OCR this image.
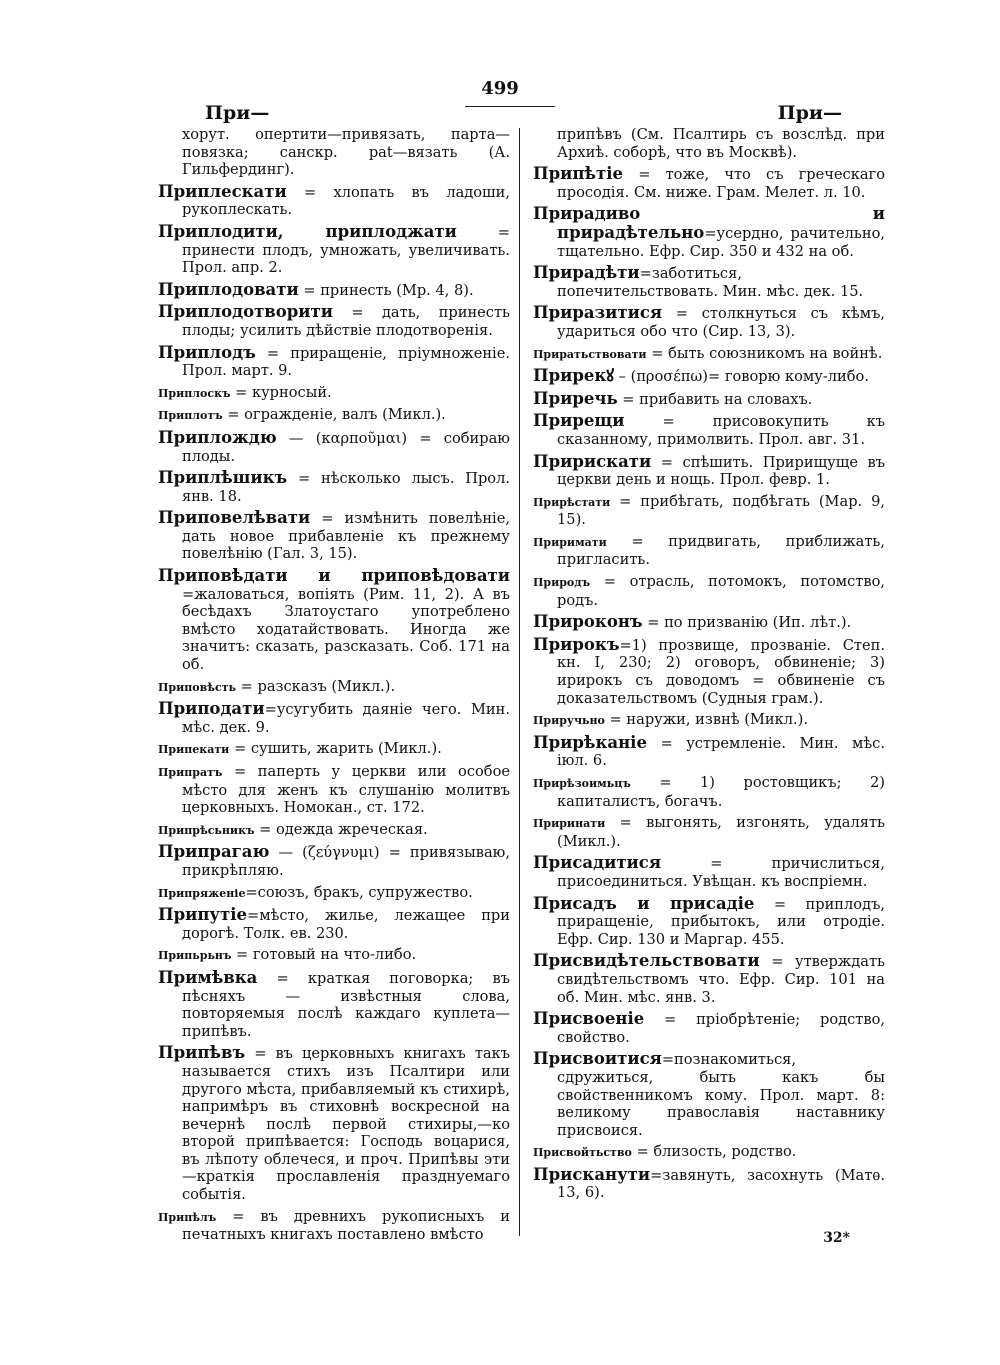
499
При—	При—
хорут. опертити—привязать, парта— повязка; санскр. pat—вязать (А. Гильфердинг).
Приплескати = хлопать въ ладоши, рукоплескать.
Приплодити, приплоджати = принести плодъ, умножать, увеличивать. Прол. апр. 2.
Приплодовати = принесть (Мр. 4, 8).
Приплодотворити = дать, принесть плоды; усилить дѣйствіе плодотворенія.
Приплодъ = приращеніе, пріумноженіе. Прол. март. 9.
Приплоскъ = курносый.
Приплотъ = огражденіе, валъ (Микл.).
Приплождю — (καρποῦμαι) = собираю плоды.
Приплѣшикъ = нѣсколько лысъ. Прол. янв. 18.
Приповелѣвати = измѣнить повелѣніе, дать новое прибавленіе къ прежнему повелѣнію (Гал. 3, 15).
Приповѣдати и приповѣдовати =жаловаться, вопіять (Рим. 11, 2). А въ бесѣдахъ Златоустаго употреблено вмѣсто ходатайствовать. Иногда же значитъ: сказать, разсказать. Соб. 171 на об.
Приповѣсть = разсказъ (Микл.).
Приподати=усугубить даяніе чего. Мин. мѣс. дек. 9.
Припекати = сушить, жарить (Микл.).
Припратъ = паперть у церкви или особое мѣсто для женъ къ слушанію молитвъ церковныхъ. Номокан., ст. 172.
Припрѣсьникъ = одежда жреческая.
Припрагаю — (ζεύγνυμι) = привязываю, прикрѣпляю.
Припряженіе=союзъ, бракъ, супружество.
Припутіе=мѣсто, жилье, лежащее при дорогѣ. Толк. ев. 230.
Припьрьнъ = готовый на что-либо.
Примѣвка = краткая поговорка; въ пѣсняхъ — извѣстныя слова, повторяемыя послѣ каждаго куплета—припѣвъ.
Припѣвъ = въ церковныхъ книгахъ такъ называется стихъ изъ Псалтири или другого мѣста, прибавляемый къ стихирѣ, напримѣръ въ стиховнѣ воскресной на вечернѣ послѣ первой стихиры,—ко второй припѣвается: Господь воцарися, въ лѣпоту облечеся, и проч. Припѣвы эти—краткія прославленія празднуемаго событія.
Припѣлъ = въ древнихъ рукописныхъ и печатныхъ книгахъ поставлено вмѣсто
припѣвъ (См. Псалтирь съ возслѣд. при Архиѣ. соборѣ, что въ Москвѣ).
Припѣтіе = тоже, что съ греческаго просодія. См. ниже. Грам. Мелет. л. 10.
Прирадиво и прирадѣтельно=усердно, рачительно, тщательно. Ефр. Сир. 350 и 432 на об.
Прирадѣти=заботиться, попечительствовать. Мин. мѣс. дек. 15.
Приразитися = столкнуться съ кѣмъ, удариться обо что (Сир. 13, 3).
Приратьствовати = быть союзникомъ на войнѣ.
Прирекꙋ – (προσέπω)= говорю кому-либо.
Приречь = прибавить на словахъ.
Прирещи = присовокупить къ сказанному, примолвить. Прол. авг. 31.
Пририскати = спѣшить. Пририщуще въ церкви день и нощь. Прол. февр. 1.
Прирѣстати = прибѣгать, подбѣгать (Мар. 9, 15).
Приримати = придвигать, приближать, пригласить.
Природъ = отрасль, потомокъ, потомство, родъ.
Прироконъ = по призванію (Ип. лѣт.).
Прирокъ=1) прозвище, прозваніе. Степ. кн. I, 230; 2) оговоръ, обвиненіе; 3) ирирокъ съ доводомъ = обвиненіе съ доказательствомъ (Судныя грам.).
Приручьно = наружи, извнѣ (Микл.).
Прирѣканіе = устремленіе. Мин. мѣс. іюл. 6.
Прирѣзоимьцъ = 1) ростовщикъ; 2) капиталистъ, богачъ.
Приринати = выгонять, изгонять, удалять (Микл.).
Присадитися = причислиться, присоединиться. Увѣщан. къ воспріемн.
Присадъ и присадіе = приплодъ, приращеніе, прибытокъ, или отродіе. Ефр. Сир. 130 и Маргар. 455.
Присвидѣтельствовати = утверждать свидѣтельствомъ что. Ефр. Сир. 101 на об. Мин. мѣс. янв. 3.
Присвоеніе = пріобрѣтеніе; родство, свойство.
Присвоитися=познакомиться, сдружиться, быть какъ бы свойственникомъ кому. Прол. март. 8: великому православія наставнику присвоися.
Присвойтьство = близость, родство.
Присканути=завянуть, засохнуть (Матѳ. 13, 6).
32*
